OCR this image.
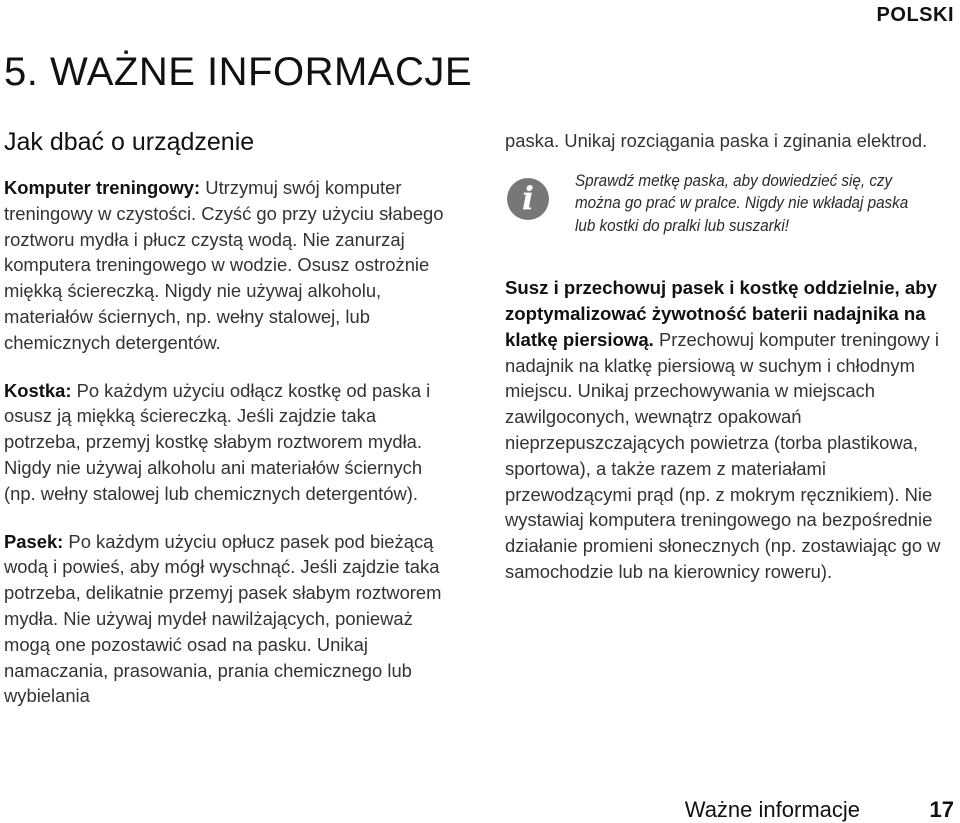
POLSKI
5. WAŻNE INFORMACJE
Jak dbać o urządzenie

Komputer treningowy: Utrzymuj swój komputer treningowy w czystości. Czyść go przy użyciu słabego roztworu mydła i płucz czystą wodą. Nie zanurzaj komputera treningowego w wodzie. Osusz ostrożnie miękką ściereczką. Nigdy nie używaj alkoholu, materiałów ściernych, np. wełny stalowej, lub chemicznych detergentów.

Kostka: Po każdym użyciu odłącz kostkę od paska i osusz ją miękką ściereczką. Jeśli zajdzie taka potrzeba, przemyj kostkę słabym roztworem mydła. Nigdy nie używaj alkoholu ani materiałów ściernych (np. wełny stalowej lub chemicznych detergentów).

Pasek: Po każdym użyciu opłucz pasek pod bieżącą wodą i powieś, aby mógł wyschnąć. Jeśli zajdzie taka potrzeba, delikatnie przemyj pasek słabym roztworem mydła. Nie używaj mydeł nawilżających, ponieważ mogą one pozostawić osad na pasku. Unikaj namaczania, prasowania, prania chemicznego lub wybielania

paska. Unikaj rozciągania paska i zginania elektrod.

i

Sprawdź metkę paska, aby dowiedzieć się, czy można go prać w pralce. Nigdy nie wkładaj paska lub kostki do pralki lub suszarki!

Susz i przechowuj pasek i kostkę oddzielnie, aby zoptymalizować żywotność baterii nadajnika na klatkę piersiową. Przechowuj komputer treningowy i nadajnik na klatkę piersiową w suchym i chłodnym miejscu. Unikaj przechowywania w miejscach zawilgoconych, wewnątrz opakowań nieprzepuszczających powietrza (torba plastikowa, sportowa), a także razem z materiałami przewodzącymi prąd (np. z mokrym ręcznikiem). Nie wystawiaj komputera treningowego na bezpośrednie działanie promieni słonecznych (np. zostawiając go w samochodzie lub na kierownicy roweru).

Ważne informacje	17
